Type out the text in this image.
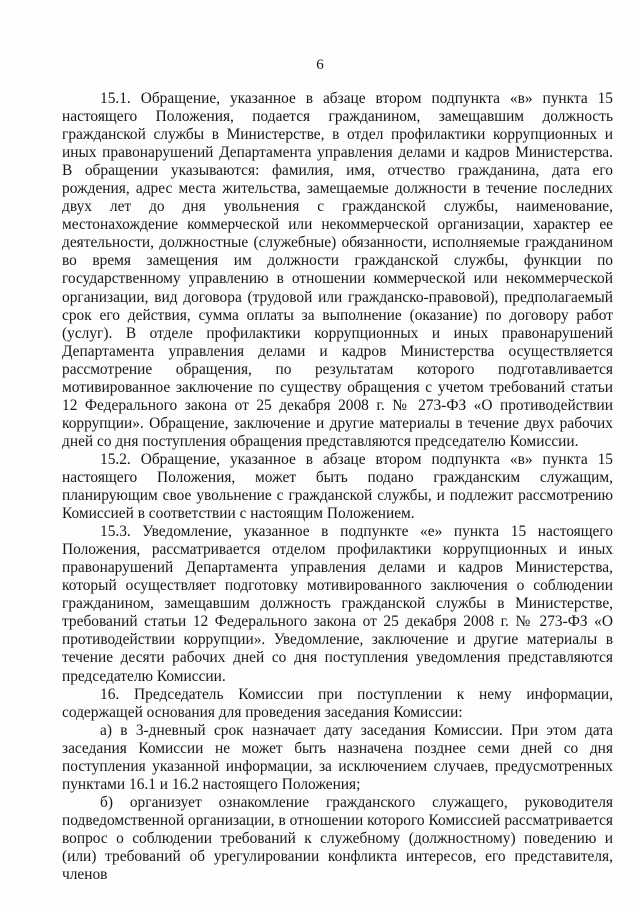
6

15.1. Обращение, указанное в абзаце втором подпункта «в» пункта 15 настоящего Положения, подается гражданином, замещавшим должность гражданской службы в Министерстве, в отдел профилактики коррупционных и иных правонарушений Департамента управления делами и кадров Министерства. В обращении указываются: фамилия, имя, отчество гражданина, дата его рождения, адрес места жительства, замещаемые должности в течение последних двух лет до дня увольнения с гражданской службы, наименование, местонахождение коммерческой или некоммерческой организации, характер ее деятельности, должностные (служебные) обязанности, исполняемые гражданином во время замещения им должности гражданской службы, функции по государственному управлению в отношении коммерческой или некоммерческой организации, вид договора (трудовой или гражданско-правовой), предполагаемый срок его действия, сумма оплаты за выполнение (оказание) по договору работ (услуг). В отделе профилактики коррупционных и иных правонарушений Департамента управления делами и кадров Министерства осуществляется рассмотрение обращения, по результатам которого подготавливается мотивированное заключение по существу обращения с учетом требований статьи 12 Федерального закона от 25 декабря 2008 г. № 273-ФЗ «О противодействии коррупции». Обращение, заключение и другие материалы в течение двух рабочих дней со дня поступления обращения представляются председателю Комиссии.

15.2. Обращение, указанное в абзаце втором подпункта «в» пункта 15 настоящего Положения, может быть подано гражданским служащим, планирующим свое увольнение с гражданской службы, и подлежит рассмотрению Комиссией в соответствии с настоящим Положением.

15.3. Уведомление, указанное в подпункте «е» пункта 15 настоящего Положения, рассматривается отделом профилактики коррупционных и иных правонарушений Департамента управления делами и кадров Министерства, который осуществляет подготовку мотивированного заключения о соблюдении гражданином, замещавшим должность гражданской службы в Министерстве, требований статьи 12 Федерального закона от 25 декабря 2008 г. № 273-ФЗ «О противодействии коррупции». Уведомление, заключение и другие материалы в течение десяти рабочих дней со дня поступления уведомления представляются председателю Комиссии.

16. Председатель Комиссии при поступлении к нему информации, содержащей основания для проведения заседания Комиссии:

а) в 3-дневный срок назначает дату заседания Комиссии. При этом дата заседания Комиссии не может быть назначена позднее семи дней со дня поступления указанной информации, за исключением случаев, предусмотренных пунктами 16.1 и 16.2 настоящего Положения;

б) организует ознакомление гражданского служащего, руководителя подведомственной организации, в отношении которого Комиссией рассматривается вопрос о соблюдении требований к служебному (должностному) поведению и (или) требований об урегулировании конфликта интересов, его представителя, членов
